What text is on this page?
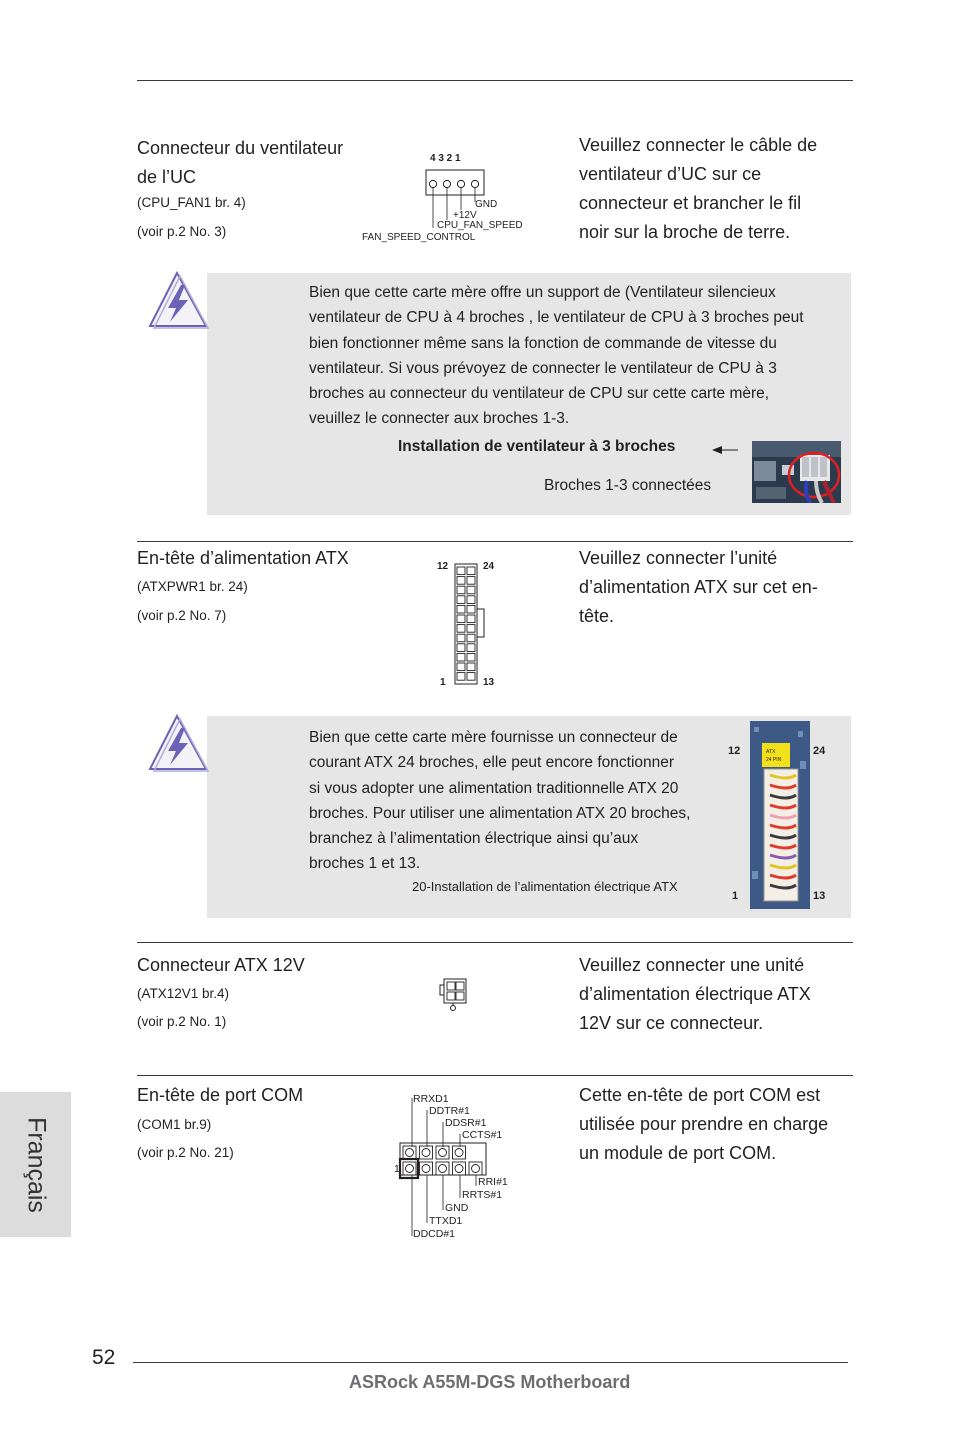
Connecteur du ventilateur
de l’UC
(CPU_FAN1 br. 4)
(voir p.2 No. 3)
4 3 2 1
GND
+12V
CPU_FAN_SPEED
FAN_SPEED_CONTROL
Veuillez connecter le câble de
ventilateur d’UC sur ce
connecteur et brancher le fil
noir sur la broche de terre.
Bien que cette carte mère offre un support de (Ventilateur silencieux
ventilateur de CPU à 4 broches , le ventilateur de CPU à 3 broches peut
bien fonctionner même sans la fonction de commande de vitesse du
ventilateur. Si vous prévoyez de connecter le ventilateur de CPU à 3
broches au connecteur du ventilateur de CPU sur cette carte mère,
veuillez le connecter aux broches 1-3.
Installation de ventilateur à 3 broches
Broches 1-3 connectées
En-tête d’alimentation ATX
(ATXPWR1 br. 24)
(voir p.2 No. 7)
12	24
1	13
Veuillez connecter l’unité
d’alimentation ATX sur cet en-
tête.
Bien que cette carte mère fournisse un connecteur de
courant ATX 24 broches, elle peut encore fonctionner
si vous adopter une alimentation traditionnelle ATX 20
broches. Pour utiliser une alimentation ATX 20 broches,
branchez à l’alimentation électrique ainsi qu’aux
broches 1 et 13.
20-Installation de l’alimentation électrique ATX
ATX
24 PIN
12	24
1	13
Connecteur ATX 12V
(ATX12V1 br.4)
(voir p.2 No. 1)
Veuillez connecter une unité
d’alimentation électrique ATX
12V sur ce connecteur.
En-tête de port COM
(COM1 br.9)
(voir p.2 No. 21)
RRXD1
DDTR#1
DDSR#1
CCTS#1
1
RRI#1
RRTS#1
GND
TTXD1
DDCD#1
Cette en-tête de port COM est
utilisée pour prendre en charge
un module de port COM.
Français
52
ASRock A55M-DGS Motherboard
